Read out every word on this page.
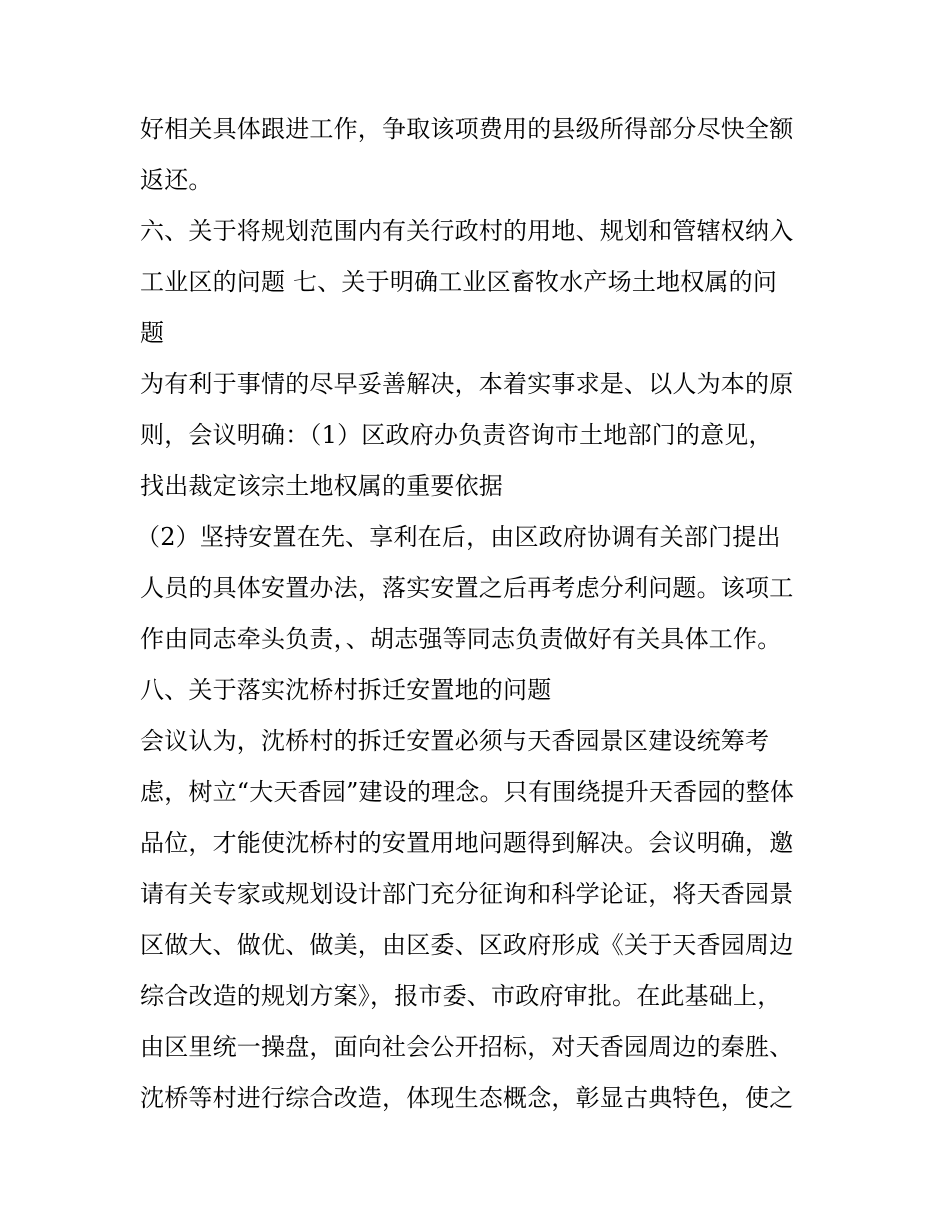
好相关具体跟进工作，争取该项费用的县级所得部分尽快全额
返还。
六、关于将规划范围内有关行政村的用地、规划和管辖权纳入
工业区的问题 七、关于明确工业区畜牧水产场土地权属的问
题
为有利于事情的尽早妥善解决，本着实事求是、以人为本的原
则，会议明确：（1）区政府办负责咨询市土地部门的意见，
找出裁定该宗土地权属的重要依据
（2）坚持安置在先、享利在后，由区政府协调有关部门提出
人员的具体安置办法，落实安置之后再考虑分利问题。该项工
作由同志牵头负责，、胡志强等同志负责做好有关具体工作。
八、关于落实沈桥村拆迁安置地的问题
会议认为，沈桥村的拆迁安置必须与天香园景区建设统筹考
虑，树立“大天香园”建设的理念。只有围绕提升天香园的整体
品位，才能使沈桥村的安置用地问题得到解决。会议明确，邀
请有关专家或规划设计部门充分征询和科学论证，将天香园景
区做大、做优、做美，由区委、区政府形成《关于天香园周边
综合改造的规划方案》，报市委、市政府审批。在此基础上，
由区里统一操盘，面向社会公开招标，对天香园周边的秦胜、
沈桥等村进行综合改造，体现生态概念，彰显古典特色，使之
